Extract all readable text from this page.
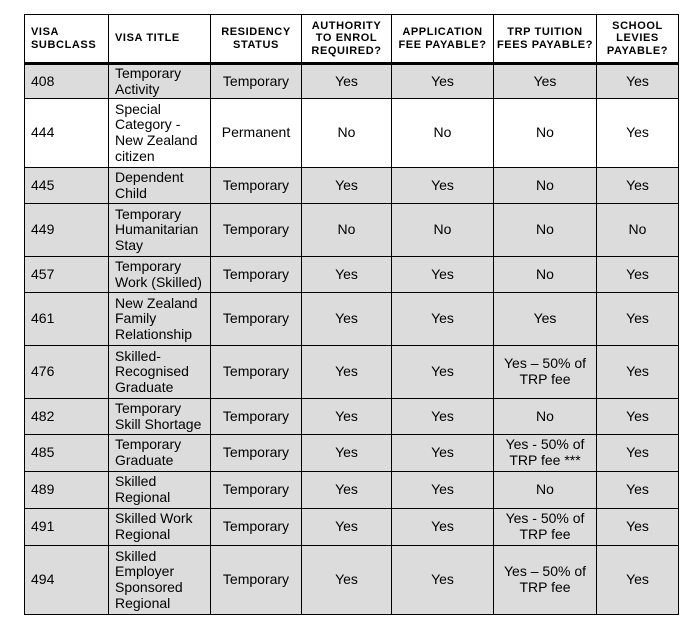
VISA SUBCLASS	VISA TITLE	RESIDENCY STATUS	AUTHORITY TO ENROL REQUIRED?	APPLICATION FEE PAYABLE?	TRP TUITION FEES PAYABLE?	SCHOOL LEVIES PAYABLE?
408	Temporary Activity	Temporary	Yes	Yes	Yes	Yes
444	Special Category - New Zealand citizen	Permanent	No	No	No	Yes
445	Dependent Child	Temporary	Yes	Yes	No	Yes
449	Temporary Humanitarian Stay	Temporary	No	No	No	No
457	Temporary Work (Skilled)	Temporary	Yes	Yes	No	Yes
461	New Zealand Family Relationship	Temporary	Yes	Yes	Yes	Yes
476	Skilled-Recognised Graduate	Temporary	Yes	Yes	Yes – 50% of TRP fee	Yes
482	Temporary Skill Shortage	Temporary	Yes	Yes	No	Yes
485	Temporary Graduate	Temporary	Yes	Yes	Yes - 50% of TRP fee ***	Yes
489	Skilled Regional	Temporary	Yes	Yes	No	Yes
491	Skilled Work Regional	Temporary	Yes	Yes	Yes - 50% of TRP fee	Yes
494	Skilled Employer Sponsored Regional	Temporary	Yes	Yes	Yes – 50% of TRP fee	Yes
